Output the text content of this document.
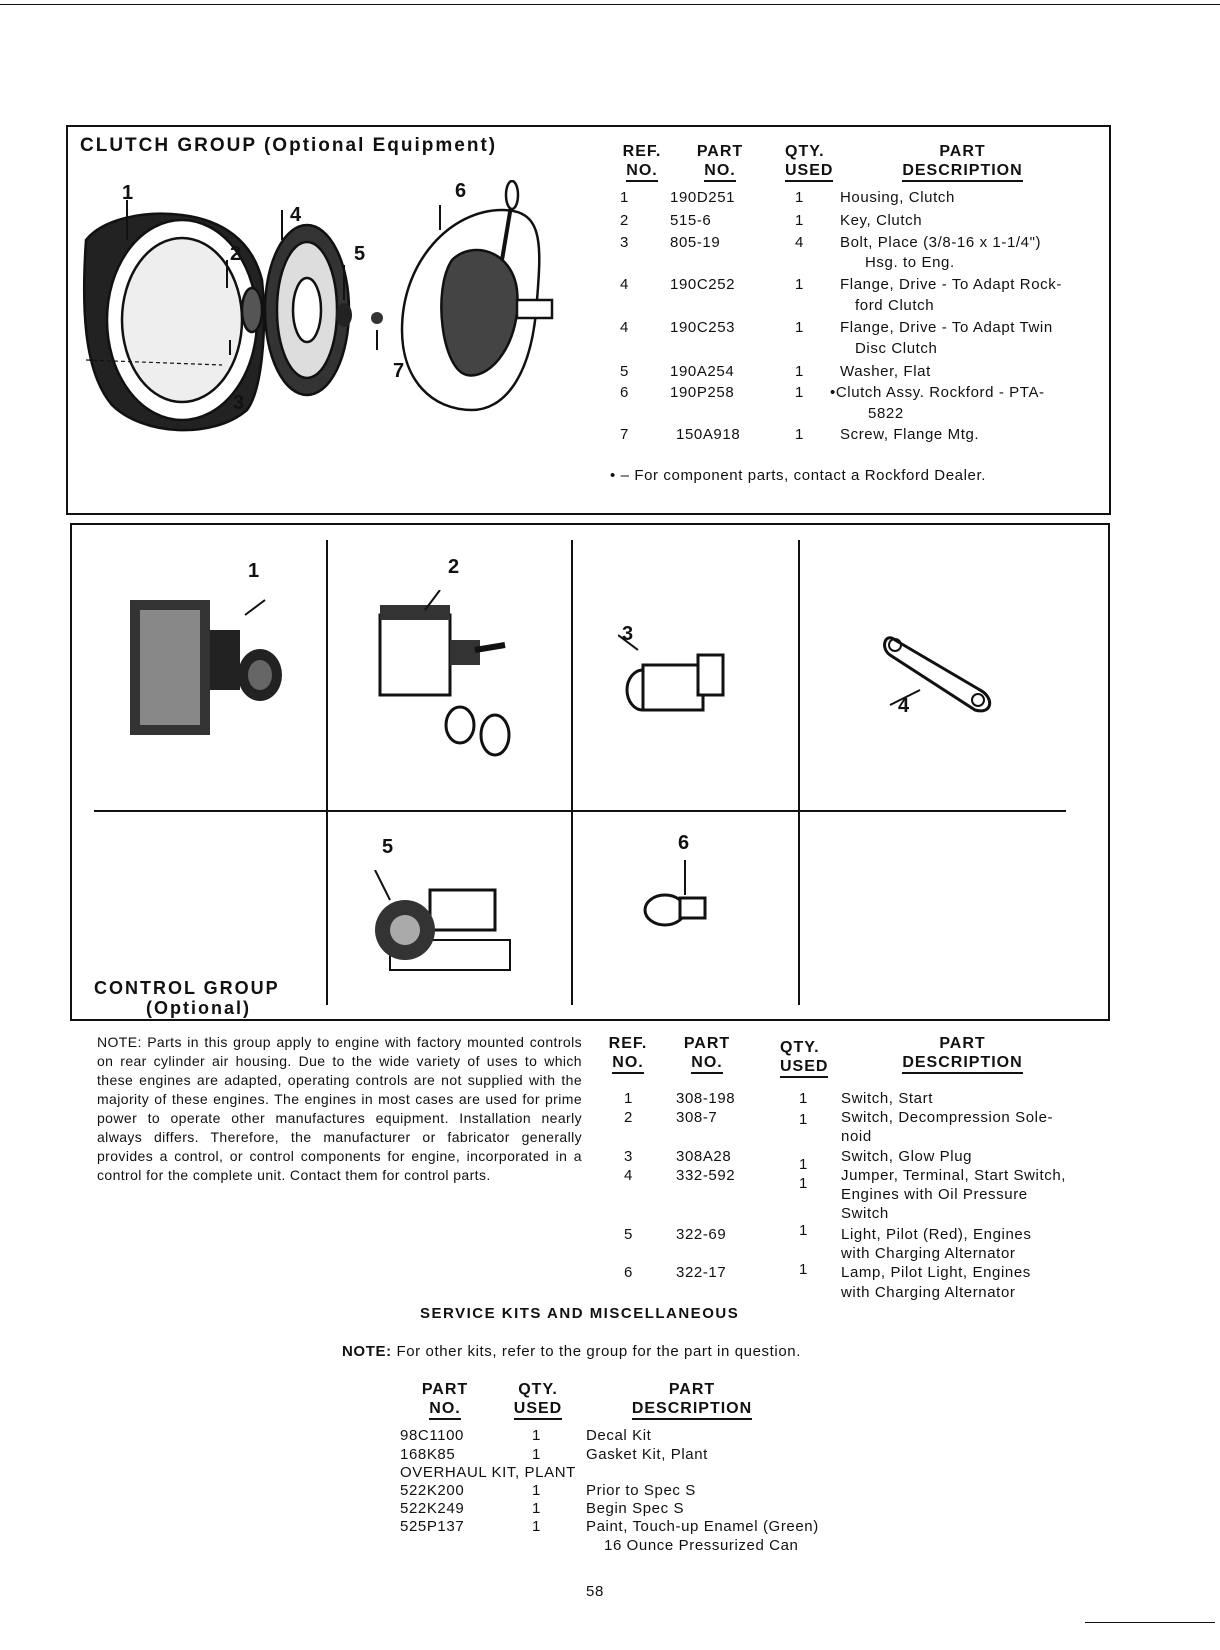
CLUTCH GROUP (Optional Equipment)
1
4
6
2	5
7
3
REF.
NO.
PART
NO.
QTY.
USED
PART
DESCRIPTION
1	190D251	1 Housing, Clutch
2	515-6	1 Key, Clutch
3	805-19	4 Bolt, Place (3/8-16 x 1-1/4")
Hsg. to Eng.
4	190C252	1 Flange, Drive - To Adapt Rock-
ford Clutch
4	190C253	1 Flange, Drive - To Adapt Twin
Disc Clutch
5	190A254	1 Washer, Flat
6	190P258	1 •Clutch Assy. Rockford - PTA-
5822
7	150A918	1 Screw, Flange Mtg.
• – For component parts, contact a Rockford Dealer.
1	2
3
4
5	6
CONTROL GROUP
(Optional)
NOTE: Parts in this group apply to engine with factory mounted controls on rear cylinder air housing. Due to the wide variety of uses to which these engines are adapted, operating controls are not supplied with the majority of these engines. The engines in most cases are used for prime power to operate other manufactures equipment. Installation nearly always differs. Therefore, the manufacturer or fabricator generally provides a control, or control components for engine, incorporated in a control for the complete unit. Contact them for control parts.
REF.
NO.
PART
NO.
QTY.
USED
PART
DESCRIPTION
1	308-198	1 Switch, Start
2	308-7	1 Switch, Decompression Sole-
noid
3	308A28	1 Switch, Glow Plug
4	332-592	1 Jumper, Terminal, Start Switch,
Engines with Oil Pressure
Switch
5	322-69	1 Light, Pilot (Red), Engines
with Charging Alternator
6	322-17	1 Lamp, Pilot Light, Engines
with Charging Alternator
SERVICE KITS AND MISCELLANEOUS
NOTE: For other kits, refer to the group for the part in question.
PART
NO.
QTY.
USED
PART
DESCRIPTION
98C1100	1	Decal Kit
168K85	1	Gasket Kit, Plant
OVERHAUL KIT, PLANT
522K200	1	Prior to Spec S
522K249	1	Begin Spec S
525P137	1	Paint, Touch-up Enamel (Green)
16 Ounce Pressurized Can
58
